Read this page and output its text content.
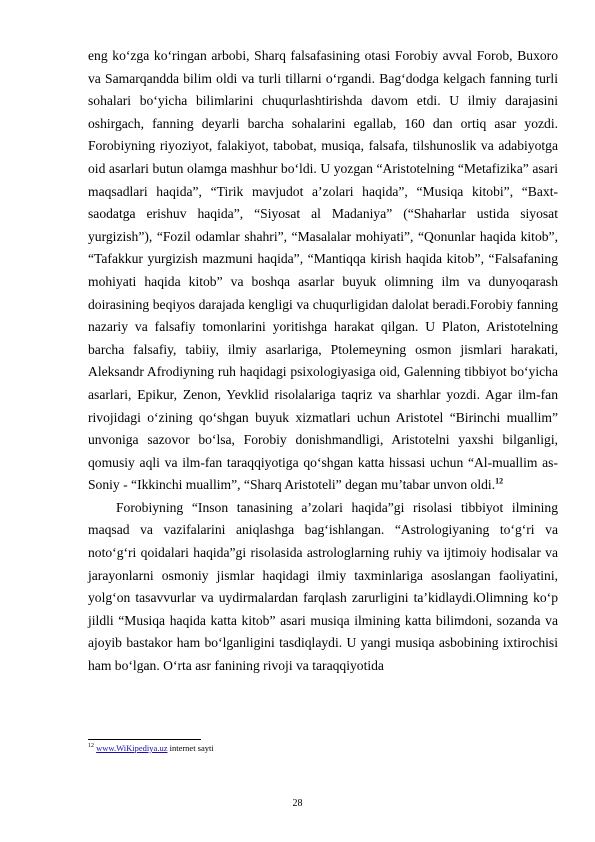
eng ko‘zga ko‘ringan arbobi, Sharq falsafasining otasi Forobiy avval Forob, Buxoro va Samarqandda bilim oldi va turli tillarni o‘rgandi. Bag‘dodga kelgach fanning turli sohalari bo‘yicha bilimlarini chuqurlashtirishda davom etdi. U ilmiy darajasini oshirgach, fanning deyarli barcha sohalarini egallab, 160 dan ortiq asar yozdi. Forobiyning riyoziyot, falakiyot, tabobat, musiqa, falsafa, tilshunoslik va adabiyotga oid asarlari butun olamga mashhur bo‘ldi. U yozgan “Aristotelning “Metafizika” asari maqsadlari haqida”, “Tirik mavjudot a’zolari haqida”, “Musiqa kitobi”, “Baxt-saodatga erishuv haqida”, “Siyosat al Madaniya” (“Shaharlar ustida siyosat yurgizish”), “Fozil odamlar shahri”, “Masalalar mohiyati”, “Qonunlar haqida kitob”, “Tafakkur yurgizish mazmuni haqida”, “Mantiqqa kirish haqida kitob”, “Falsafaning mohiyati haqida kitob” va boshqa asarlar buyuk olimning ilm va dunyoqarash doirasining beqiyos darajada kengligi va chuqurligidan dalolat beradi.Forobiy fanning nazariy va falsafiy tomonlarini yoritishga harakat qilgan. U Platon, Aristotelning barcha falsafiy, tabiiy, ilmiy asarlariga, Ptolemeyning osmon jismlari harakati, Aleksandr Afrodiyning ruh haqidagi psixologiyasiga oid, Galenning tibbiyot bo‘yicha asarlari, Epikur, Zenon, Yevklid risolalariga taqriz va sharhlar yozdi. Agar ilm-fan rivojidagi o‘zining qo‘shgan buyuk xizmatlari uchun Aristotel “Birinchi muallim” unvoniga sazovor bo‘lsa, Forobiy donishmandligi, Aristotelni yaxshi bilganligi, qomusiy aqli va ilm-fan taraqqiyotiga qo‘shgan katta hissasi uchun “Al-muallim as-Soniy - “Ikkinchi muallim”, “Sharq Aristoteli” degan mu’tabar unvon oldi.$^{12}$

Forobiyning “Inson tanasining a’zolari haqida”gi risolasi tibbiyot ilmining maqsad va vazifalarini aniqlashga bag‘ishlangan. “Astrologiyaning to‘g‘ri va noto‘g‘ri qoidalari haqida”gi risolasida astrologlarning ruhiy va ijtimoiy hodisalar va jarayonlarni osmoniy jismlar haqidagi ilmiy taxminlariga asoslangan faoliyatini, yolg‘on tasavvurlar va uydirmalardan farqlash zarurligini ta’kidlaydi.Olimning ko‘p jildli “Musiqa haqida katta kitob” asari musiqa ilmining katta bilimdoni, sozanda va ajoyib bastakor ham bo‘lganligini tasdiqlaydi. U yangi musiqa asbobining ixtirochisi ham bo‘lgan. O‘rta asr fanining rivoji va taraqqiyotida

$^{12}$ www.WiKipediya.uz internet sayti
28
